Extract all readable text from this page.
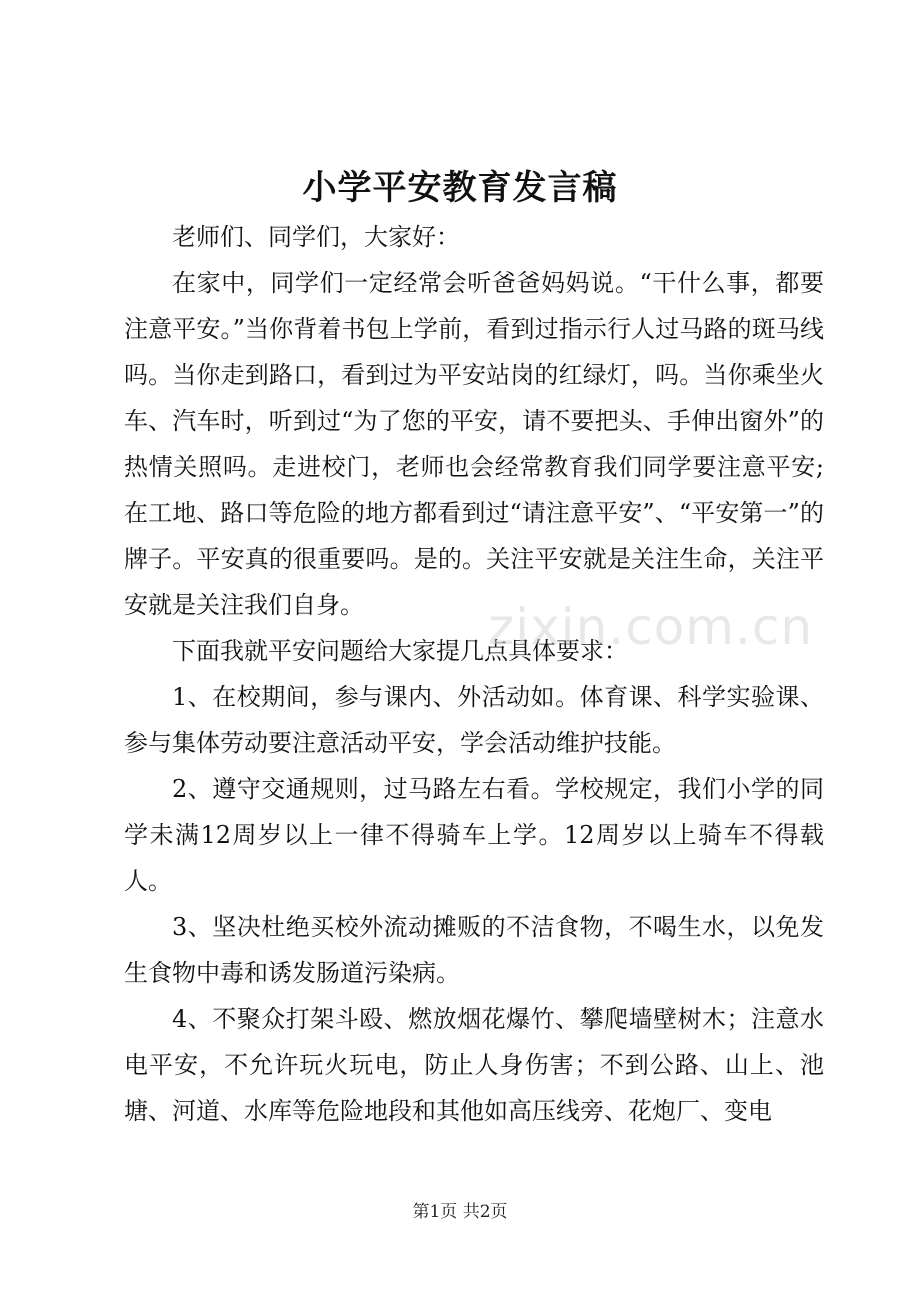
小学平安教育发言稿

老师们、同学们，大家好：

在家中，同学们一定经常会听爸爸妈妈说。“干什么事，都要注意平安。”当你背着书包上学前，看到过指示行人过马路的斑马线吗。当你走到路口，看到过为平安站岗的红绿灯，吗。当你乘坐火车、汽车时，听到过“为了您的平安，请不要把头、手伸出窗外”的热情关照吗。走进校门，老师也会经常教育我们同学要注意平安; 在工地、路口等危险的地方都看到过“请注意平安”、“平安第一”的牌子。平安真的很重要吗。是的。关注平安就是关注生命，关注平安就是关注我们自身。

下面我就平安问题给大家提几点具体要求：

1、在校期间，参与课内、外活动如。体育课、科学实验课、参与集体劳动要注意活动平安，学会活动维护技能。

2、遵守交通规则，过马路左右看。学校规定，我们小学的同学未满12周岁以上一律不得骑车上学。12周岁以上骑车不得载人。

3、坚决杜绝买校外流动摊贩的不洁食物，不喝生水，以免发生食物中毒和诱发肠道污染病。

4、不聚众打架斗殴、燃放烟花爆竹、攀爬墙壁树木；注意水电平安，不允许玩火玩电，防止人身伤害；不到公路、山上、池塘、河道、水库等危险地段和其他如高压线旁、花炮厂、变电

zixin.com.cn
第1页 共2页
